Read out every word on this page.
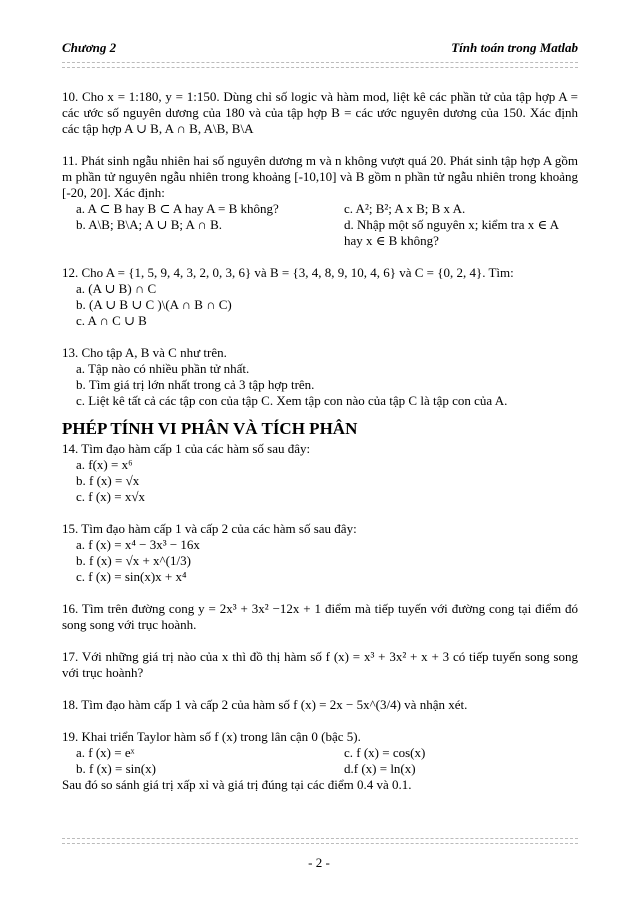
Chương 2	Tính toán trong Matlab

10. Cho x = 1:180, y = 1:150. Dùng chỉ số logic và hàm mod, liệt kê các phần tử của tập hợp A = các ước số nguyên dương của 180 và của tập hợp B = các ước nguyên dương của 150. Xác định các tập hợp A ∪ B, A ∩ B, A\B, B\A

11. Phát sinh ngẫu nhiên hai số nguyên dương m và n không vượt quá 20. Phát sinh tập hợp A gồm m phần tử nguyên ngẫu nhiên trong khoảng [-10,10] và B gồm n phần tử ngẫu nhiên trong khoảng [-20, 20]. Xác định:

a. A ⊂ B hay B ⊂ A hay A = B không?	c. A²; B²; A x B; B x A.
b. A\B; B\A; A ∪ B; A ∩ B.	d. Nhập một số nguyên x; kiểm tra x ∈ A
hay x ∈ B không?

12. Cho A = {1, 5, 9, 4, 3, 2, 0, 3, 6} và B = {3, 4, 8, 9, 10, 4, 6} và C = {0, 2, 4}. Tìm:

a. (A ∪ B) ∩ C
b. (A ∪ B ∪ C )\(A ∩ B ∩ C)
c. A ∩ C ∪ B

13. Cho tập A, B và C như trên.

a. Tập nào có nhiều phần tử nhất.
b. Tìm giá trị lớn nhất trong cả 3 tập hợp trên.
c. Liệt kê tất cả các tập con của tập C. Xem tập con nào của tập C là tập con của A.
PHÉP TÍNH VI PHÂN VÀ TÍCH PHÂN

14. Tìm đạo hàm cấp 1 của các hàm số sau đây:

a. f(x) = x⁶
b. f (x) = √x
c. f (x) = x√x

15. Tìm đạo hàm cấp 1 và cấp 2 của các hàm số sau đây:

a. f (x) = x⁴ − 3x³ − 16x
b. f (x) = √x + x^(1/3)
c. f (x) = sin(x)x + x⁴

16. Tìm trên đường cong y = 2x³ + 3x² −12x + 1 điểm mà tiếp tuyến với đường cong tại điểm đó song song với trục hoành.

17. Với những giá trị nào của x thì đồ thị hàm số f (x) = x³ + 3x² + x + 3 có tiếp tuyến song song với trục hoành?

18. Tìm đạo hàm cấp 1 và cấp 2 của hàm số f (x) = 2x − 5x^(3/4) và nhận xét.

19. Khai triển Taylor hàm số f (x) trong lân cận 0 (bậc 5).

a. f (x) = eˣ	c. f (x) = cos(x)
b. f (x) = sin(x)	d.f (x) = ln(x)

Sau đó so sánh giá trị xấp xỉ và giá trị đúng tại các điểm 0.4 và 0.1.

- 2 -
